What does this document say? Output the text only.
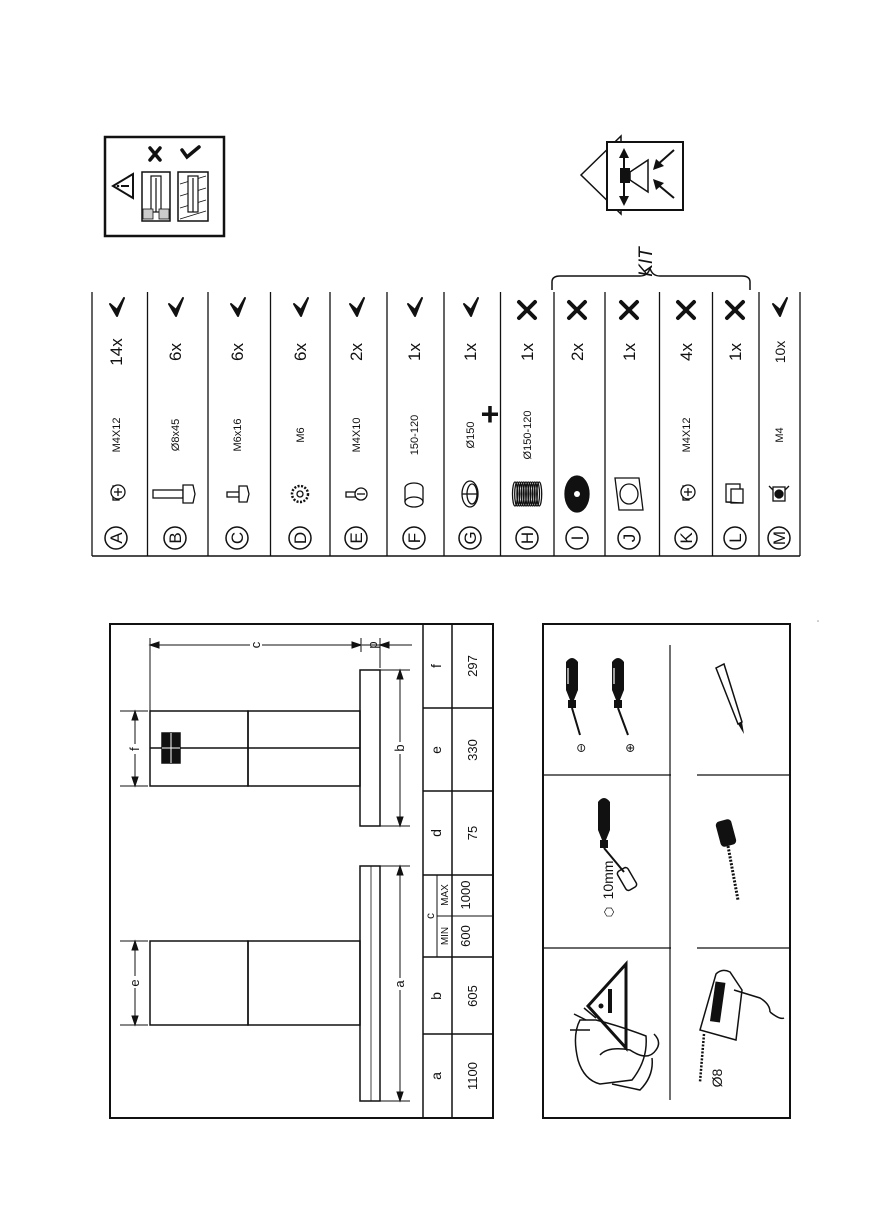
KIT
A
M4X12
14x
B
Ø8x45
6x
C
M6x16
6x
D
M6
6x
E
M4X10
2x
F
150-120
1x
G
Ø150
1x
H
Ø150-120
1x
I
2x
J
1x
K
M4X12
4x
L
1x
M
M4
10x
+
a
b
c
MIN
MAX
d
e
f
1100
605
600
1000
75
330
297
e
f
c	p
b
a
⊖	⊕
10mm
⬡
Ø8
